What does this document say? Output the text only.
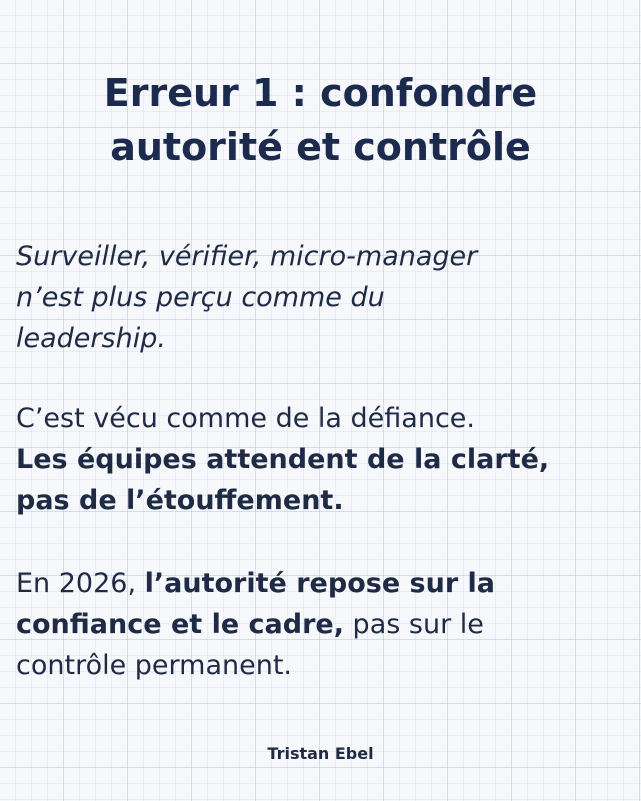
Erreur 1 : confondre
autorité et contrôle
Surveiller, vérifier, micro-manager
n’est plus perçu comme du
leadership.
C’est vécu comme de la défiance.
Les équipes attendent de la clarté,
pas de l’étouffement.
En 2026, l’autorité repose sur la
confiance et le cadre, pas sur le
contrôle permanent.
Tristan Ebel
